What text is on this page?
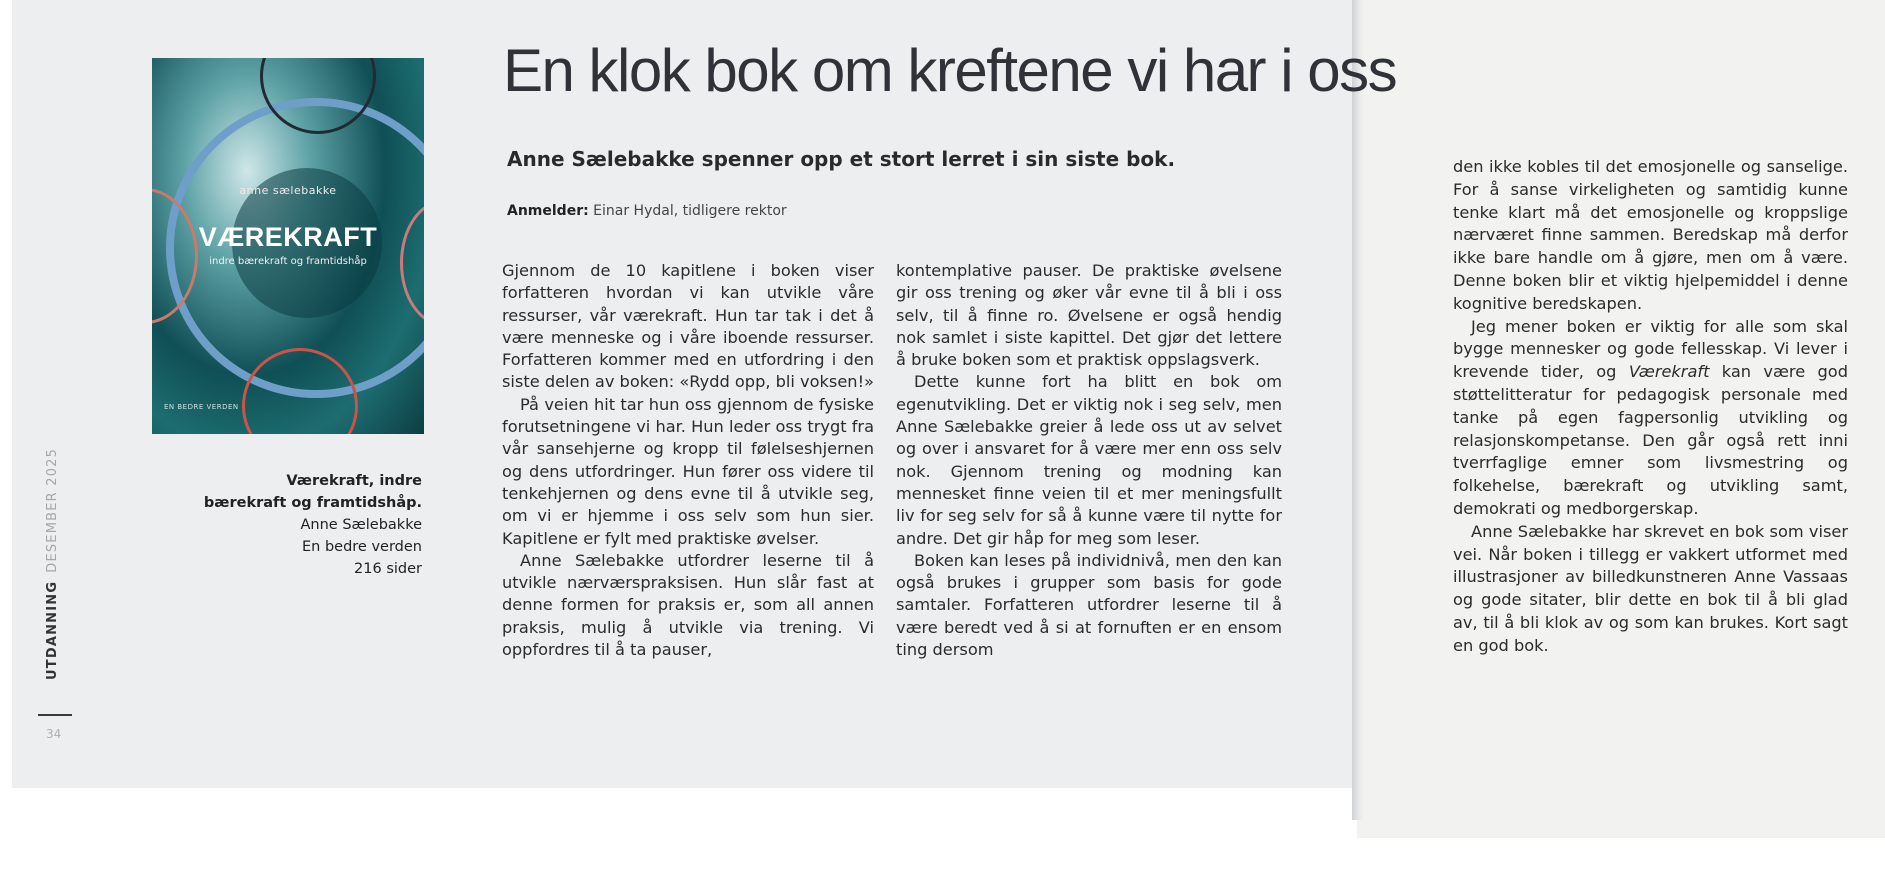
anne sælebakke
VÆREKRAFT
indre bærekraft og framtidshåp
EN BEDRE VERDEN
Værekraft, indre bærekraft og framtidshåp.
Anne Sælebakke
En bedre verden
216 sider
UTDANNINGDESEMBER 2025
34
En klok bok om kreftene vi har i oss
Anne Sælebakke spenner opp et stort lerret i sin siste bok.
Anmelder: Einar Hydal, tidligere rektor

Gjennom de 10 kapitlene i boken viser forfatteren hvordan vi kan utvikle våre ressurser, vår værekraft. Hun tar tak i det å være menneske og i våre iboende ressurser. Forfatteren kommer med en utfordring i den siste delen av boken: «Rydd opp, bli voksen!»

På veien hit tar hun oss gjennom de fysiske forutsetningene vi har. Hun leder oss trygt fra vår sansehjerne og kropp til følelseshjernen og dens utfordringer. Hun fører oss videre til tenkehjernen og dens evne til å utvikle seg, om vi er hjemme i oss selv som hun sier. Kapitlene er fylt med praktiske øvelser.

Anne Sælebakke utfordrer leserne til å utvikle nærværspraksisen. Hun slår fast at denne formen for praksis er, som all annen praksis, mulig å utvikle via trening. Vi oppfordres til å ta pauser,

kontemplative pauser. De praktiske øvelsene gir oss trening og øker vår evne til å bli i oss selv, til å finne ro. Øvelsene er også hendig nok samlet i siste kapittel. Det gjør det lettere å bruke boken som et praktisk oppslagsverk.

Dette kunne fort ha blitt en bok om egenutvikling. Det er viktig nok i seg selv, men Anne Sælebakke greier å lede oss ut av selvet og over i ansvaret for å være mer enn oss selv nok. Gjennom trening og modning kan mennesket finne veien til et mer meningsfullt liv for seg selv for så å kunne være til nytte for andre. Det gir håp for meg som leser.

Boken kan leses på individnivå, men den kan også brukes i grupper som basis for gode samtaler. Forfatteren utfordrer leserne til å være beredt ved å si at fornuften er en ensom ting dersom

den ikke kobles til det emosjonelle og sanselige. For å sanse virkeligheten og samtidig kunne tenke klart må det emosjonelle og kroppslige nærværet finne sammen. Beredskap må derfor ikke bare handle om å gjøre, men om å være. Denne boken blir et viktig hjelpemiddel i denne kognitive beredskapen.

Jeg mener boken er viktig for alle som skal bygge mennesker og gode fellesskap. Vi lever i krevende tider, og Værekraft kan være god støttelitteratur for pedagogisk personale med tanke på egen fagpersonlig utvikling og relasjonskompetanse. Den går også rett inni tverrfaglige emner som livsmestring og folkehelse, bærekraft og utvikling samt, demokrati og medborgerskap.

Anne Sælebakke har skrevet en bok som viser vei. Når boken i tillegg er vakkert utformet med illustrasjoner av billedkunstneren Anne Vassaas og gode sitater, blir dette en bok til å bli glad av, til å bli klok av og som kan brukes. Kort sagt en god bok.
